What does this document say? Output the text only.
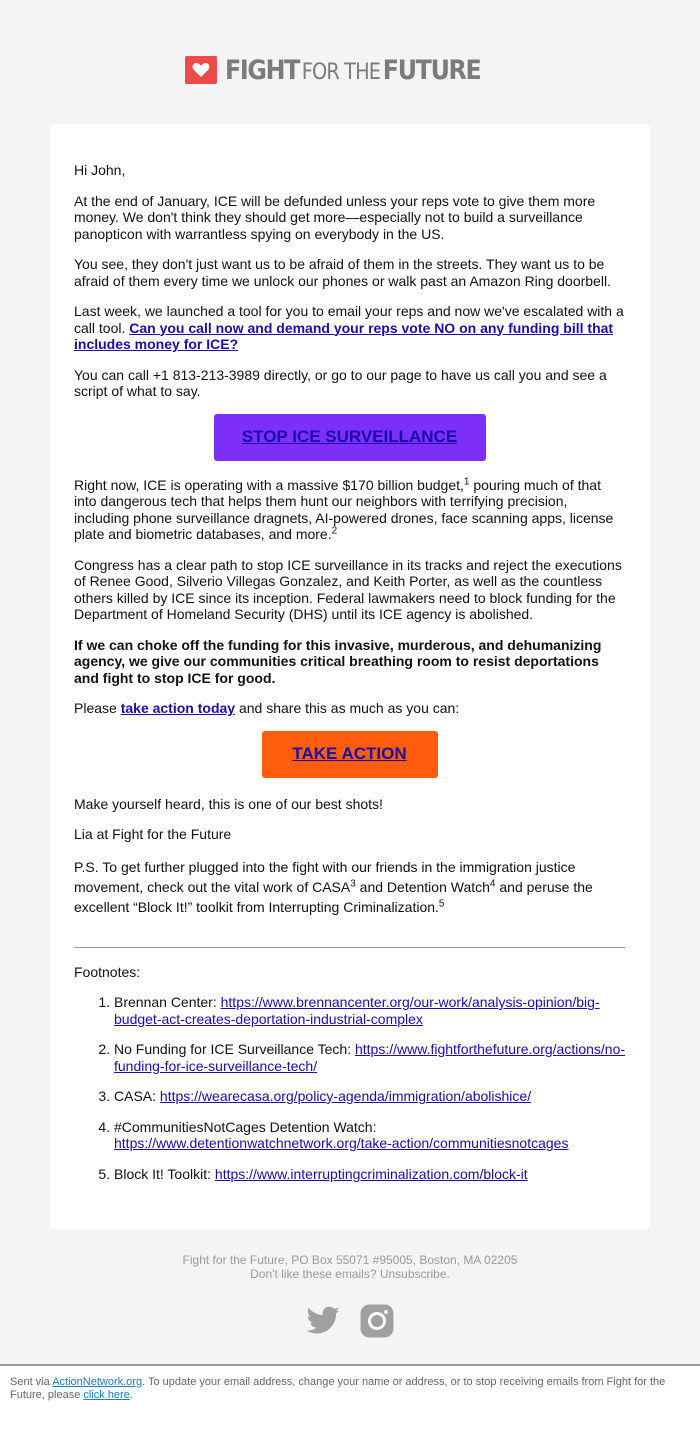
FIGHT FOR THEFUTURE

Hi John,

At the end of January, ICE will be defunded unless your reps vote to give them more money. We don't think they should get more—especially not to build a surveillance panopticon with warrantless spying on everybody in the US.

You see, they don't just want us to be afraid of them in the streets. They want us to be afraid of them every time we unlock our phones or walk past an Amazon Ring doorbell.

Last week, we launched a tool for you to email your reps and now we've escalated with a call tool. Can you call now and demand your reps vote NO on any funding bill that includes money for ICE?

You can call +1 813-213-3989 directly, or go to our page to have us call you and see a script of what to say.

STOP ICE SURVEILLANCE

Right now, ICE is operating with a massive $170 billion budget,$^1$ pouring much of that into dangerous tech that helps them hunt our neighbors with terrifying precision, including phone surveillance dragnets, AI-powered drones, face scanning apps, license plate and biometric databases, and more.$^2$

Congress has a clear path to stop ICE surveillance in its tracks and reject the executions of Renee Good, Silverio Villegas Gonzalez, and Keith Porter, as well as the countless others killed by ICE since its inception. Federal lawmakers need to block funding for the Department of Homeland Security (DHS) until its ICE agency is abolished.

If we can choke off the funding for this invasive, murderous, and dehumanizing agency, we give our communities critical breathing room to resist deportations and fight to stop ICE for good.

Please take action today and share this as much as you can:

TAKE ACTION

Make yourself heard, this is one of our best shots!

Lia at Fight for the Future

P.S. To get further plugged into the fight with our friends in the immigration justice movement, check out the vital work of CASA$^3$ and Detention Watch$^4$ and peruse the excellent “Block It!” toolkit from Interrupting Criminalization.$^5$

Footnotes:

1. Brennan Center: https://www.brennancenter.org/our-work/analysis-opinion/big-budget-act-creates-deportation-industrial-complex
2. No Funding for ICE Surveillance Tech: https://www.fightforthefuture.org/actions/no-funding-for-ice-surveillance-tech/
3. CASA: https://wearecasa.org/policy-agenda/immigration/abolishice/
4. #CommunitiesNotCages Detention Watch:
https://www.detentionwatchnetwork.org/take-action/communitiesnotcages
5. Block It! Toolkit: https://www.interruptingcriminalization.com/block-it
Fight for the Future, PO Box 55071 #95005, Boston, MA 02205
Don't like these emails? Unsubscribe.
Sent via ActionNetwork.org. To update your email address, change your name or address, or to stop receiving emails from Fight for the Future, please click here.
